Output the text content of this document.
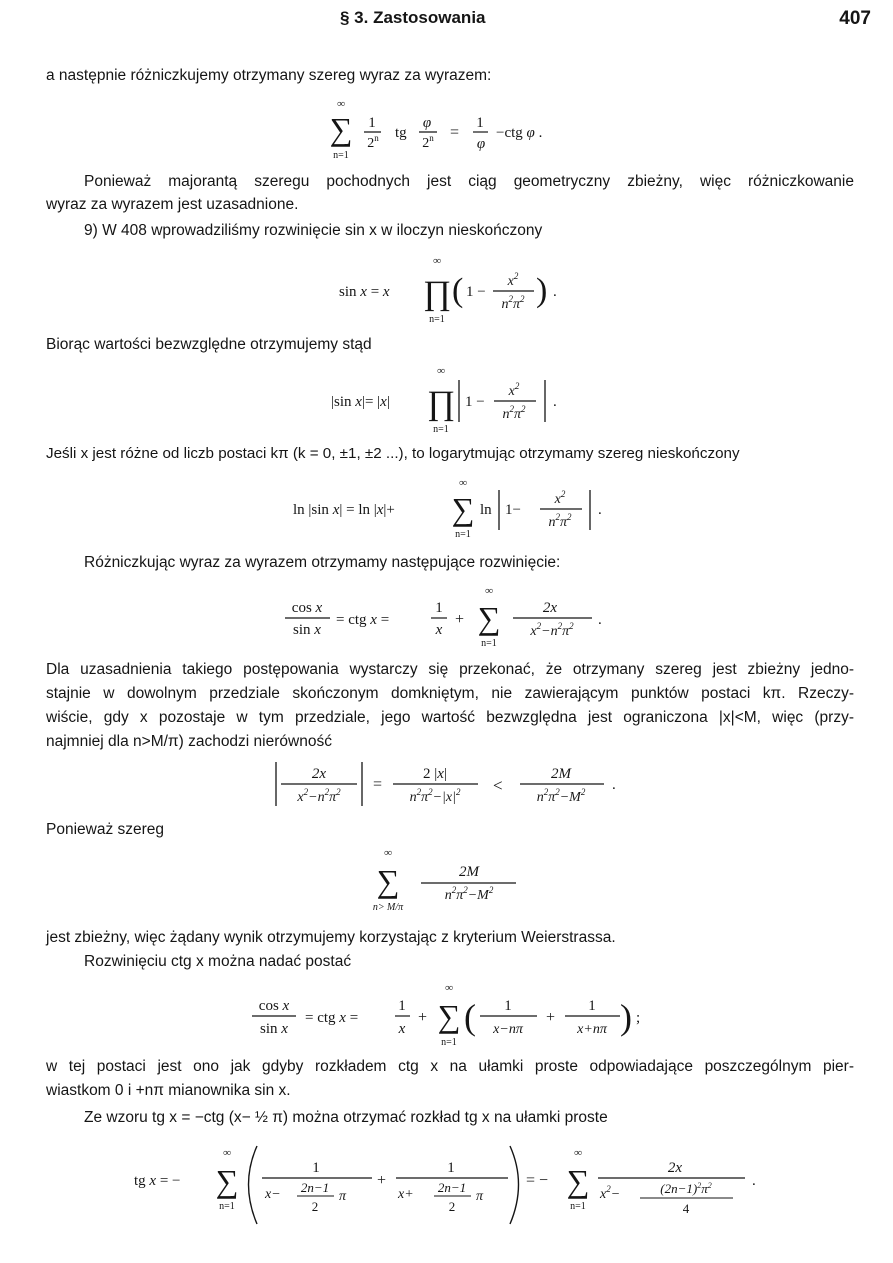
§ 3. Zastosowania	407
a następnie różniczkujemy otrzymany szereg wyraz za wyrazem:
∞
∑
n=1
1
2$^n$ tg
φ
$2^n$ =
1
φ
−ctg φ .
Ponieważ majorantą szeregu pochodnych jest ciąg geometryczny zbieżny, więc różniczkowanie
wyraz za wyrazem jest uzasadnione.
9) W 408 wprowadziliśmy rozwinięcie sin x w iloczyn nieskończony
sin x = x
∞
∏
n=1
( 1 −
$x^2$
$n^2\pi^2$ ) .
Biorąc wartości bezwzględne otrzymujemy stąd
|sin x|= |x|
∞
∏
n=1
1 −
$x^2$
$n^2\pi^2$ .
Jeśli x jest różne od liczb postaci kπ (k = 0, ±1, ±2 ...), to logarytmując otrzymamy szereg nieskończony
ln |sin x| = ln |x|+
∞
∑
n=1
ln 1−
$x^2$
$n^2\pi^2$ .
Różniczkując wyraz za wyrazem otrzymamy następujące rozwinięcie:
cos x
sin x
= ctg x =
1
x
+
∞
∑
n=1
2x
$x^2-n^2\pi^2$ .
Dla uzasadnienia takiego postępowania wystarczy się przekonać, że otrzymany szereg jest zbieżny jedno-
stajnie w dowolnym przedziale skończonym domkniętym, nie zawierającym punktów postaci kπ. Rzeczy-
wiście, gdy x pozostaje w tym przedziale, jego wartość bezwzględna jest ograniczona |x|<M, więc (przy-
najmniej dla n>M/π) zachodzi nierówność
2x
$x^2-n^2\pi^2$ =
2 |x|
$n^2\pi^2-|x|^2$ <
2M
$n^2\pi^2-M^2$ .
Ponieważ szereg
∞
∑
n> M/π
2M
$n^2\pi^2-M^2$
jest zbieżny, więc żądany wynik otrzymujemy korzystając z kryterium Weierstrassa.
Rozwinięciu ctg x można nadać postać
cos x
sin x
= ctg x =
1
x
+
∞
∑
n=1
( 1
x−nπ
+
1
x+nπ ) ;
w tej postaci jest ono jak gdyby rozkładem ctg x na ułamki proste odpowiadające poszczególnym pier-
wiastkom 0 i +nπ mianownika sin x.
Ze wzoru tg x = −ctg (x− ½ π) można otrzymać rozkład tg x na ułamki proste
tg x = −
∞
∑
n=1
1
x− 2n−1
2
π
+
1
x+ 2n−1
2
π
= −
∞
∑
n=1
2x
$x^2-$	$(2n-1)^2\pi^2$
4
.
